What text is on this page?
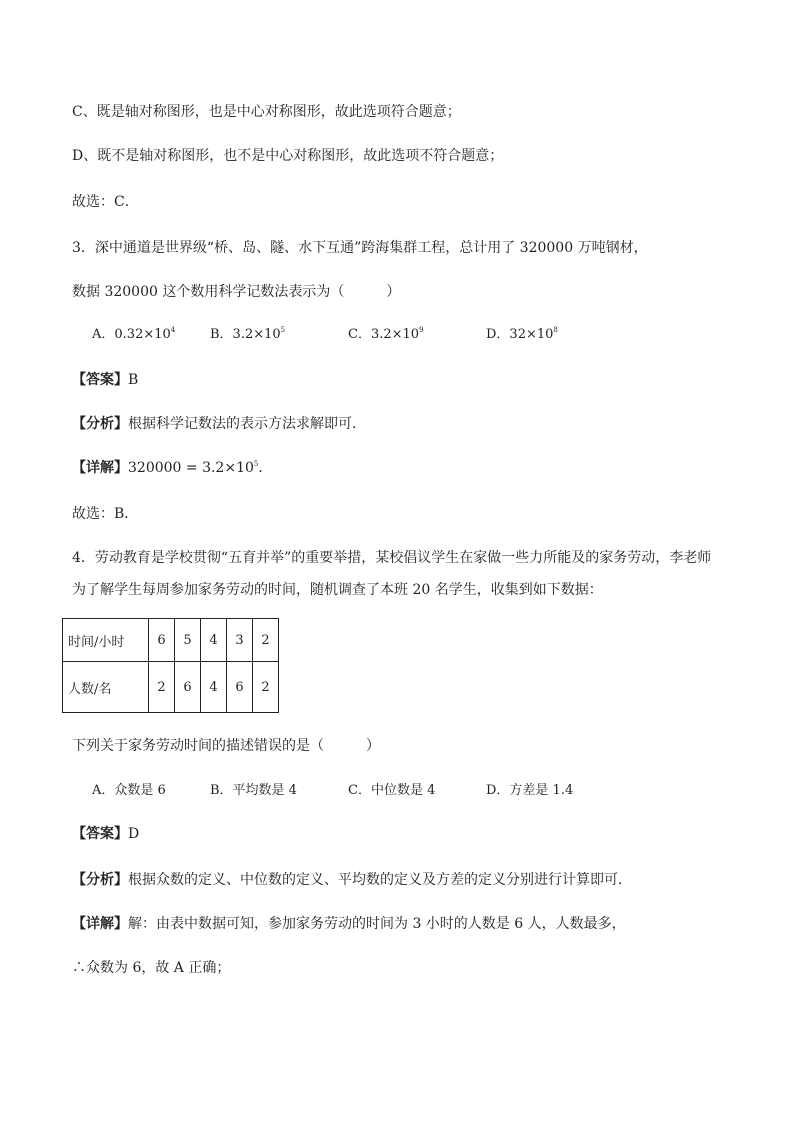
C、既是轴对称图形，也是中心对称图形，故此选项符合题意；
D、既不是轴对称图形，也不是中心对称图形，故此选项不符合题意；
故选：C．
3．深中通道是世界级“桥、岛、隧、水下互通”跨海集群工程，总计用了 320000 万吨钢材，
数据 320000 这个数用科学记数法表示为（　　　）
A．$0.32\times 10^4$	B．$3.2\times 10^5$	C．$3.2\times 10^9$	D．$32\times 10^8$
【答案】B
【分析】根据科学记数法的表示方法求解即可．
【详解】$320000 = 3.2\times 10^5$．
故选：B．
4．劳动教育是学校贯彻“五育并举”的重要举措，某校倡议学生在家做一些力所能及的家务劳动，李老师
为了解学生每周参加家务劳动的时间，随机调查了本班 20 名学生，收集到如下数据：
时间/小时	6	5	4	3	2
人数/名	2	6	4	6	2
下列关于家务劳动时间的描述错误的是（　　　）
A．众数是 6	B．平均数是 4	C．中位数是 4	D．方差是 1.4
【答案】D
【分析】根据众数的定义、中位数的定义、平均数的定义及方差的定义分别进行计算即可．
【详解】解：由表中数据可知，参加家务劳动的时间为 3 小时的人数是 6 人，人数最多，
∴众数为 6，故 A 正确；
